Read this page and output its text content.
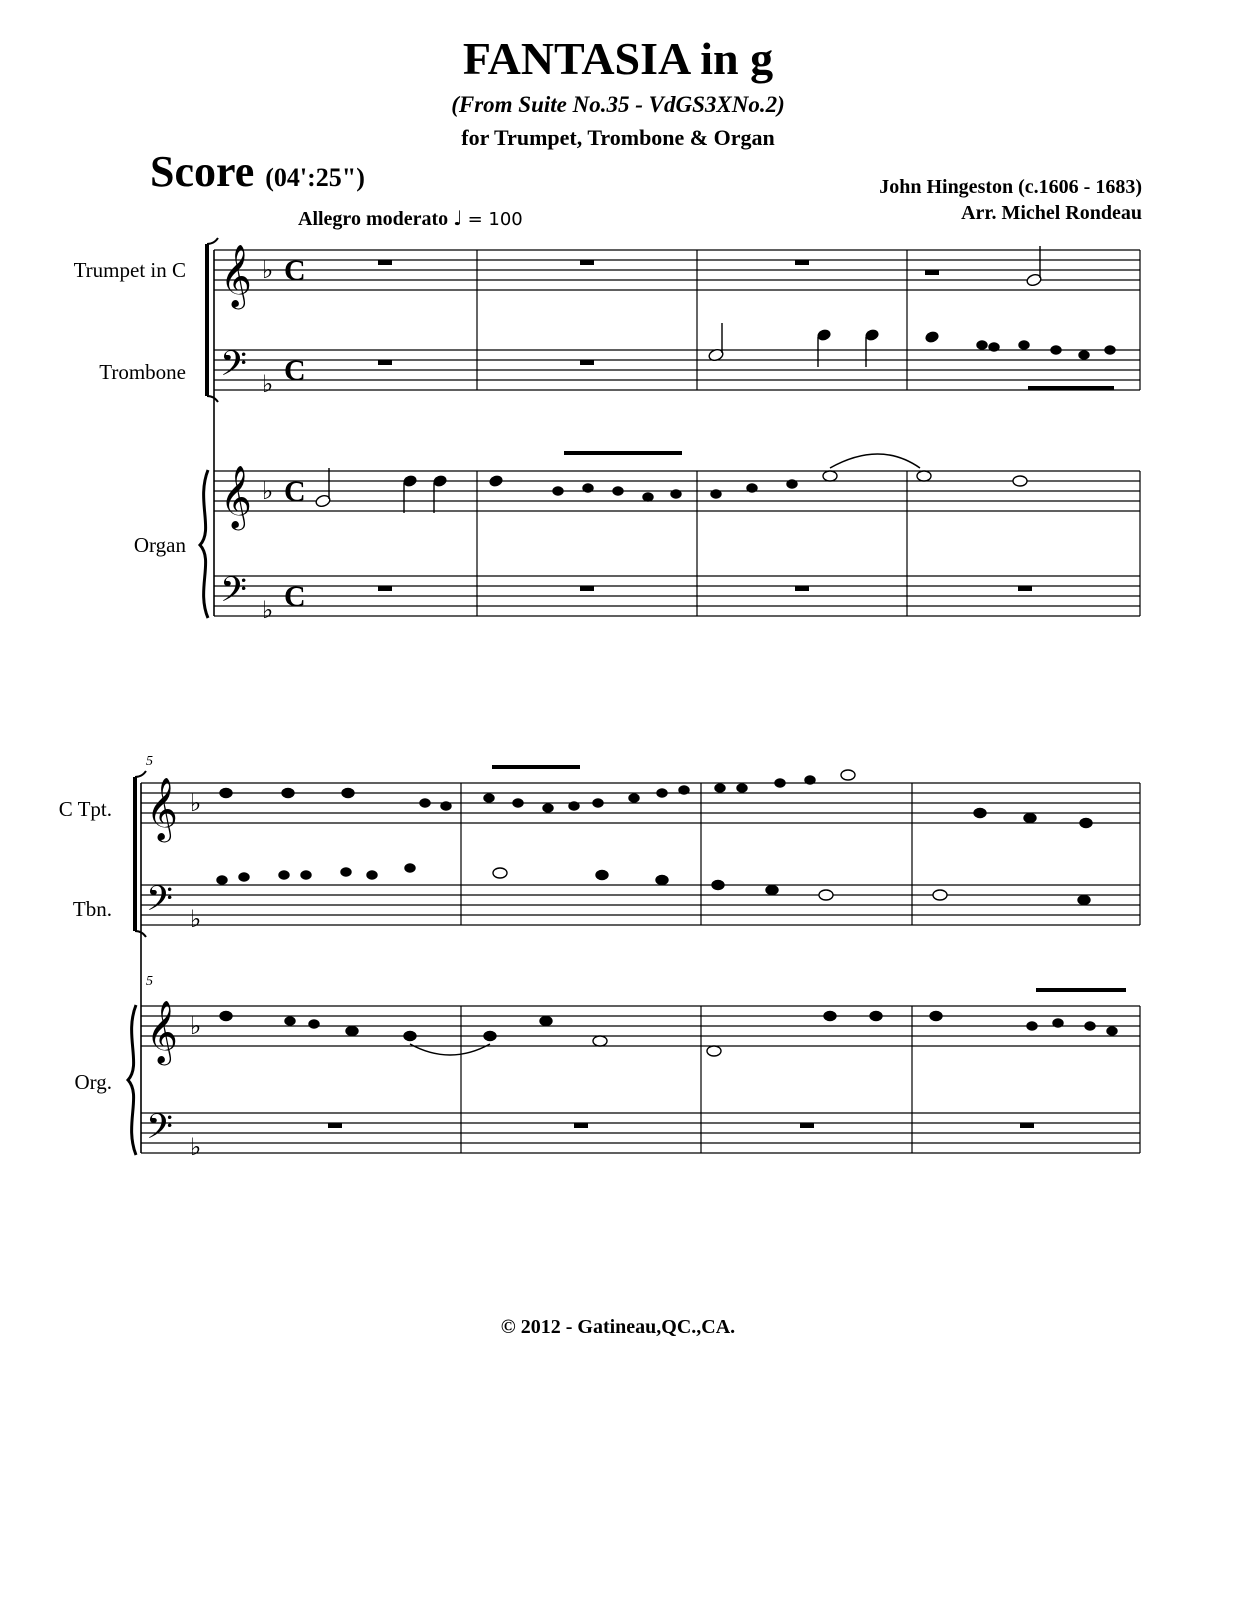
FANTASIA in g
(From Suite No.35 - VdGS3XNo.2)
for Trumpet, Trombone & Organ
Score (04':25")	John Hingeston (c.1606 - 1683)
Arr. Michel Rondeau
Allegro moderato ♩ = 100
Trumpet in C
Trombone
Organ
5
5
C Tpt.
Tbn.
Org.
𝄞
𝄢
𝄞
𝄢
♭
♭
♭
♭
C
C
C
C
𝄞
𝄢
𝄞
𝄢
♭
♭
♭
♭
© 2012 - Gatineau,QC.,CA.
